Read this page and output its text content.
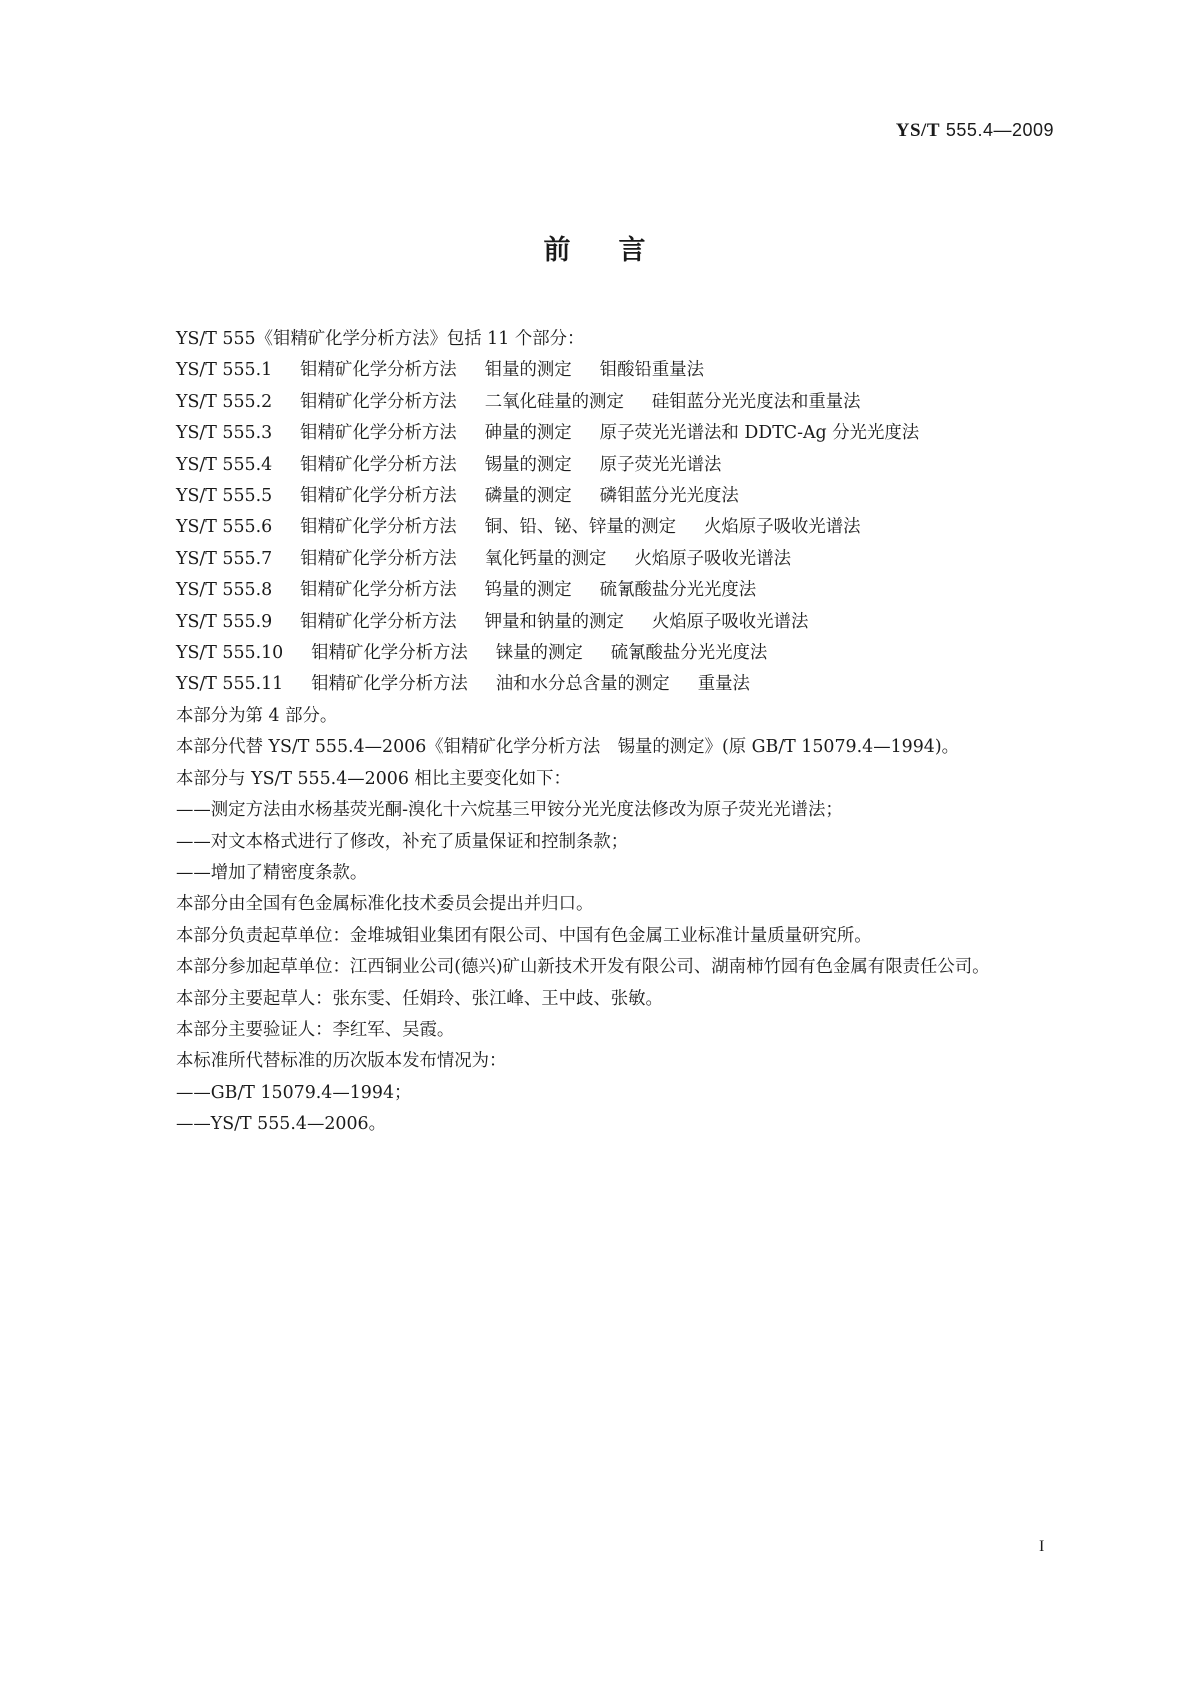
YS/T 555.4—2009
前言

YS/T 555《钼精矿化学分析方法》包括 11 个部分：

YS/T 555.1 钼精矿化学分析方法 钼量的测定 钼酸铅重量法

YS/T 555.2 钼精矿化学分析方法 二氧化硅量的测定 硅钼蓝分光光度法和重量法

YS/T 555.3 钼精矿化学分析方法 砷量的测定 原子荧光光谱法和 DDTC-Ag 分光光度法

YS/T 555.4 钼精矿化学分析方法 锡量的测定 原子荧光光谱法

YS/T 555.5 钼精矿化学分析方法 磷量的测定 磷钼蓝分光光度法

YS/T 555.6 钼精矿化学分析方法 铜、铅、铋、锌量的测定 火焰原子吸收光谱法

YS/T 555.7 钼精矿化学分析方法 氧化钙量的测定 火焰原子吸收光谱法

YS/T 555.8 钼精矿化学分析方法 钨量的测定 硫氰酸盐分光光度法

YS/T 555.9 钼精矿化学分析方法 钾量和钠量的测定 火焰原子吸收光谱法

YS/T 555.10 钼精矿化学分析方法 铼量的测定 硫氰酸盐分光光度法

YS/T 555.11 钼精矿化学分析方法 油和水分总含量的测定 重量法

本部分为第 4 部分。

本部分代替 YS/T 555.4—2006《钼精矿化学分析方法　锡量的测定》(原 GB/T 15079.4—1994)。

本部分与 YS/T 555.4—2006 相比主要变化如下：

——测定方法由水杨基荧光酮-溴化十六烷基三甲铵分光光度法修改为原子荧光光谱法；

——对文本格式进行了修改，补充了质量保证和控制条款；

——增加了精密度条款。

本部分由全国有色金属标准化技术委员会提出并归口。

本部分负责起草单位：金堆城钼业集团有限公司、中国有色金属工业标准计量质量研究所。

本部分参加起草单位：江西铜业公司(德兴)矿山新技术开发有限公司、湖南柿竹园有色金属有限责任公司。

本部分主要起草人：张东雯、任娟玲、张江峰、王中歧、张敏。

本部分主要验证人：李红军、吴霞。

本标准所代替标准的历次版本发布情况为：

——GB/T 15079.4—1994；

——YS/T 555.4—2006。

I
